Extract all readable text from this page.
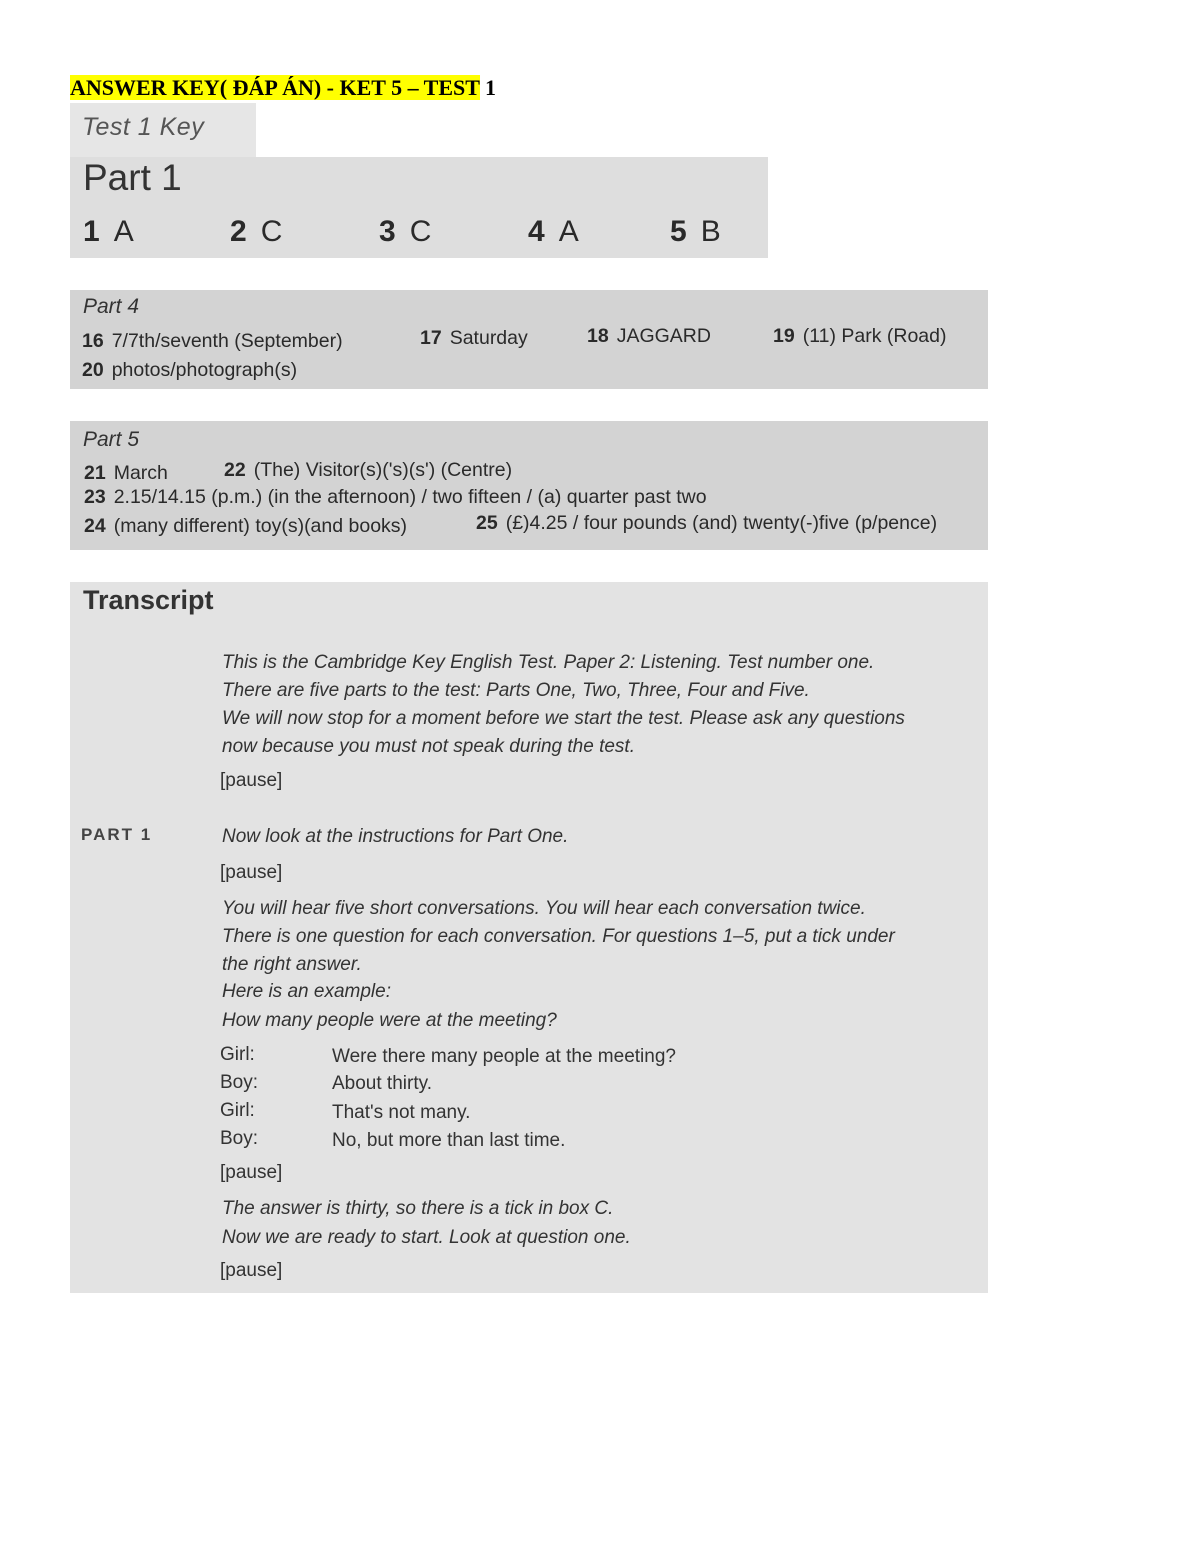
ANSWER KEY( ĐÁP ÁN) - KET 5 – TEST 1
Test 1 Key
Part 1
1 A	2 C	3 C	4 A	5 B
Part 4
16 7/7th/seventh (September)	17 Saturday	18 JAGGARD	19 (11) Park (Road)
20 photos/photograph(s)
Part 5
21 March	22 (The) Visitor(s)('s)(s') (Centre)
23 2.15/14.15 (p.m.) (in the afternoon) / two fifteen / (a) quarter past two
24 (many different) toy(s)(and books)	25 (£)4.25 / four pounds (and) twenty(-)five (p/pence)
Transcript
This is the Cambridge Key English Test. Paper 2: Listening. Test number one.
There are five parts to the test: Parts One, Two, Three, Four and Five.
We will now stop for a moment before we start the test. Please ask any questions
now because you must not speak during the test.
[pause]
PART 1	Now look at the instructions for Part One.
[pause]
You will hear five short conversations. You will hear each conversation twice.
There is one question for each conversation. For questions 1–5, put a tick under
the right answer.
Here is an example:
How many people were at the meeting?
Girl:	Were there many people at the meeting?
Boy:	About thirty.
Girl:	That's not many.
Boy:	No, but more than last time.
[pause]
The answer is thirty, so there is a tick in box C.
Now we are ready to start. Look at question one.
[pause]
